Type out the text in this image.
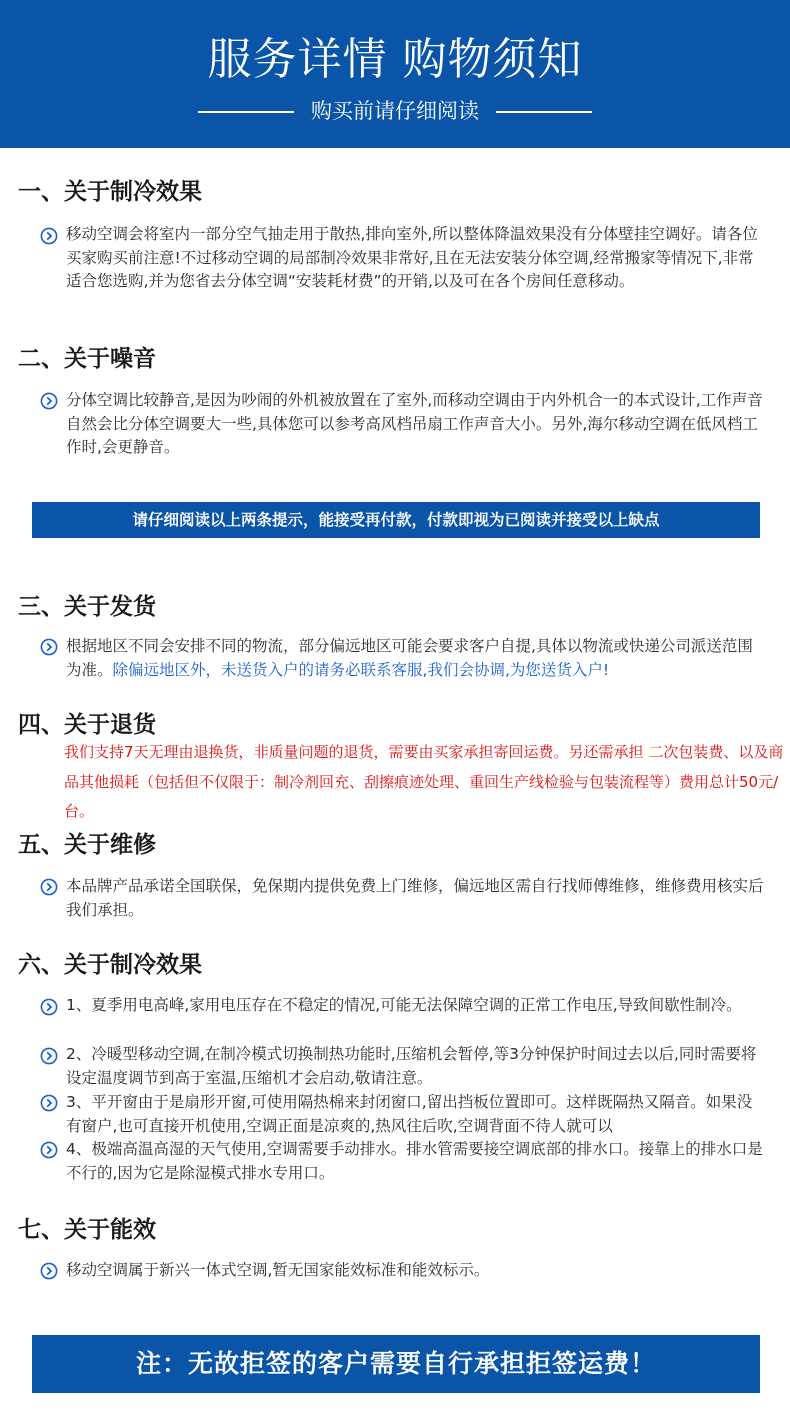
服务详情 购物须知
购买前请仔细阅读
一、关于制冷效果

移动空调会将室内一部分空气抽走用于散热,排向室外,所以整体降温效果没有分体壁挂空调好。请各位买家购买前注意!不过移动空调的局部制冷效果非常好,且在无法安装分体空调,经常搬家等情况下,非常适合您选购,并为您省去分体空调“安装耗材费”的开销,以及可在各个房间任意移动。

二、关于噪音

分体空调比较静音,是因为吵闹的外机被放置在了室外,而移动空调由于内外机合一的本式设计,工作声音自然会比分体空调要大一些,具体您可以参考高风档吊扇工作声音大小。另外,海尔移动空调在低风档工作时,会更静音。

请仔细阅读以上两条提示，能接受再付款，付款即视为已阅读并接受以上缺点
三、关于发货

根据地区不同会安排不同的物流，部分偏远地区可能会要求客户自提,具体以物流或快递公司派送范围为准。除偏远地区外，未送货入户的请务必联系客服,我们会协调,为您送货入户!

四、关于退货

我们支持7天无理由退换货，非质量问题的退货，需要由买家承担寄回运费。另还需承担 二次包装费、以及商品其他损耗（包括但不仅限于：制冷剂回充、刮擦痕迹处理、重回生产线检验与包装流程等）费用总计50元/台。

五、关于维修

本品牌产品承诺全国联保，免保期内提供免费上门维修，偏远地区需自行找师傅维修，维修费用核实后我们承担。

六、关于制冷效果

1、夏季用电高峰,家用电压存在不稳定的情况,可能无法保障空调的正常工作电压,导致间歇性制冷。

2、冷暖型移动空调,在制冷模式切换制热功能时,压缩机会暂停,等3分钟保护时间过去以后,同时需要将设定温度调节到高于室温,压缩机才会启动,敬请注意。

3、平开窗由于是扇形开窗,可使用隔热棉来封闭窗口,留出挡板位置即可。这样既隔热又隔音。如果没有窗户,也可直接开机使用,空调正面是凉爽的,热风往后吹,空调背面不待人就可以

4、极端高温高湿的天气使用,空调需要手动排水。排水管需要接空调底部的排水口。接靠上的排水口是不行的,因为它是除湿模式排水专用口。

七、关于能效

移动空调属于新兴一体式空调,暂无国家能效标准和能效标示。

注：无故拒签的客户需要自行承担拒签运费！
